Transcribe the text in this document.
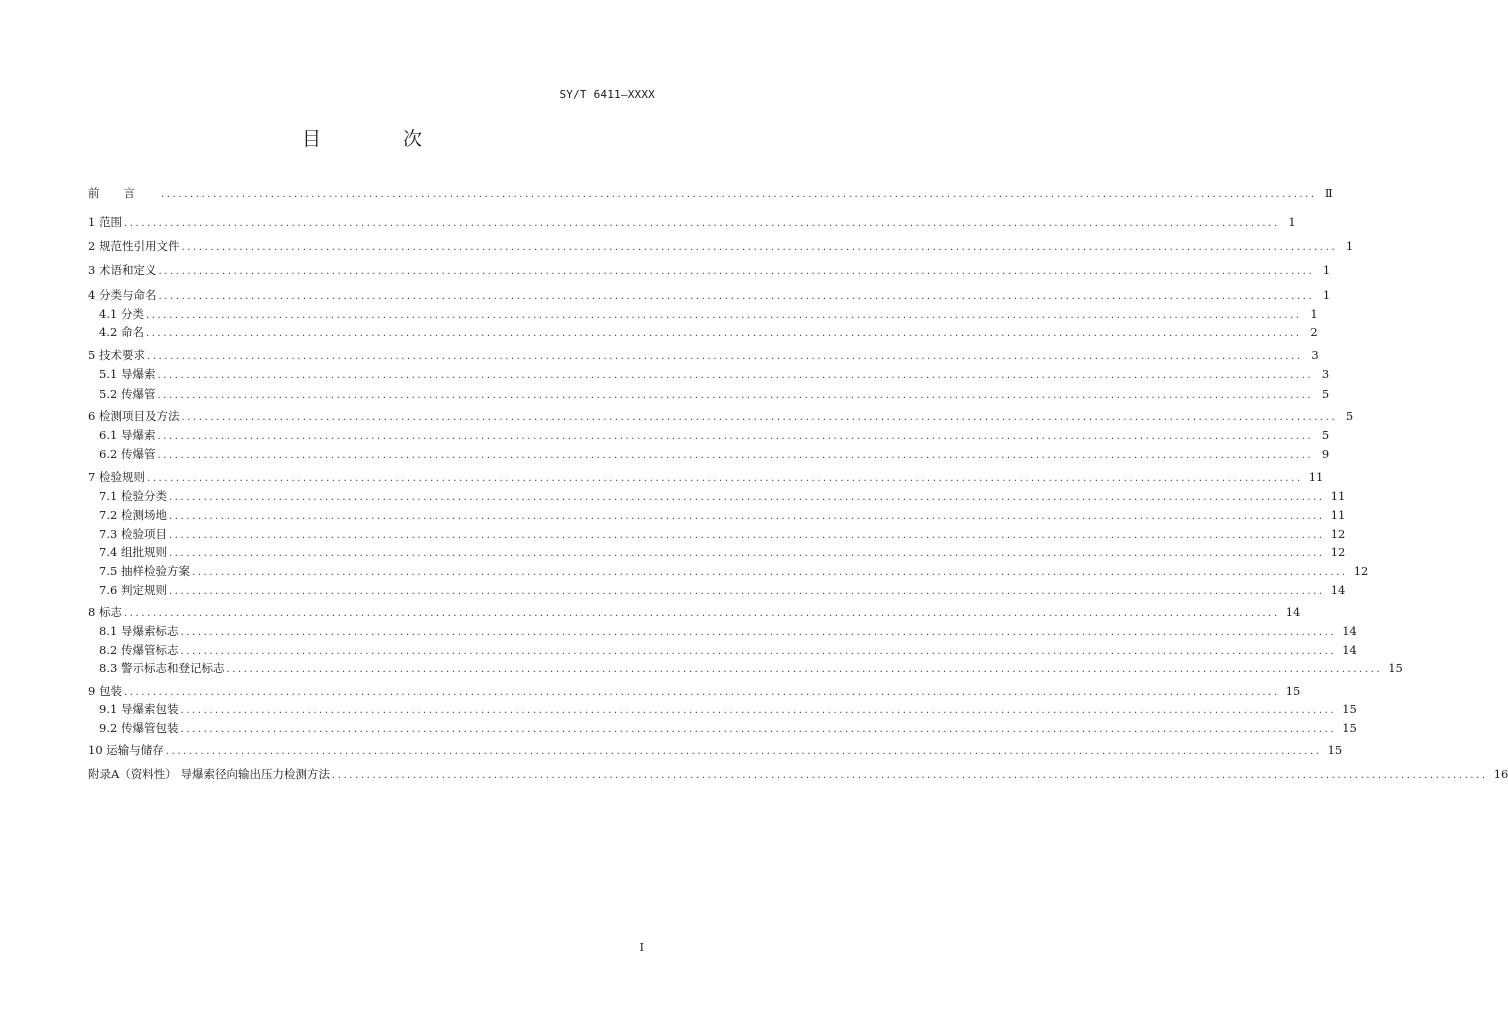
SY/T 6411—XXXX
目 次
前言 ........................................................................................................................................................................................................ Ⅱ
1 范围 ........................................................................................................................................................................................................ 1
2 规范性引用文件 ........................................................................................................................................................................................................ 1
3 术语和定义 ........................................................................................................................................................................................................ 1
4 分类与命名 ........................................................................................................................................................................................................ 1
4.1 分类 ........................................................................................................................................................................................................ 1
4.2 命名 ........................................................................................................................................................................................................ 2
5 技术要求 ........................................................................................................................................................................................................ 3
5.1 导爆索 ........................................................................................................................................................................................................ 3
5.2 传爆管 ........................................................................................................................................................................................................ 5
6 检测项目及方法 ........................................................................................................................................................................................................ 5
6.1 导爆索 ........................................................................................................................................................................................................ 5
6.2 传爆管 ........................................................................................................................................................................................................ 9
7 检验规则 ........................................................................................................................................................................................................ 11
7.1 检验分类 ........................................................................................................................................................................................................ 11
7.2 检测场地 ........................................................................................................................................................................................................ 11
7.3 检验项目 ........................................................................................................................................................................................................ 12
7.4 组批规则 ........................................................................................................................................................................................................ 12
7.5 抽样检验方案 ........................................................................................................................................................................................................ 12
7.6 判定规则 ........................................................................................................................................................................................................ 14
8 标志 ........................................................................................................................................................................................................ 14
8.1 导爆索标志 ........................................................................................................................................................................................................ 14
8.2 传爆管标志 ........................................................................................................................................................................................................ 14
8.3 警示标志和登记标志 ........................................................................................................................................................................................................ 15
9 包装 ........................................................................................................................................................................................................ 15
9.1 导爆索包装 ........................................................................................................................................................................................................ 15
9.2 传爆管包装 ........................................................................................................................................................................................................ 15
10 运输与储存 ........................................................................................................................................................................................................ 15
附录A（资料性） 导爆索径向输出压力检测方法 ........................................................................................................................................................................................................ 16
I
